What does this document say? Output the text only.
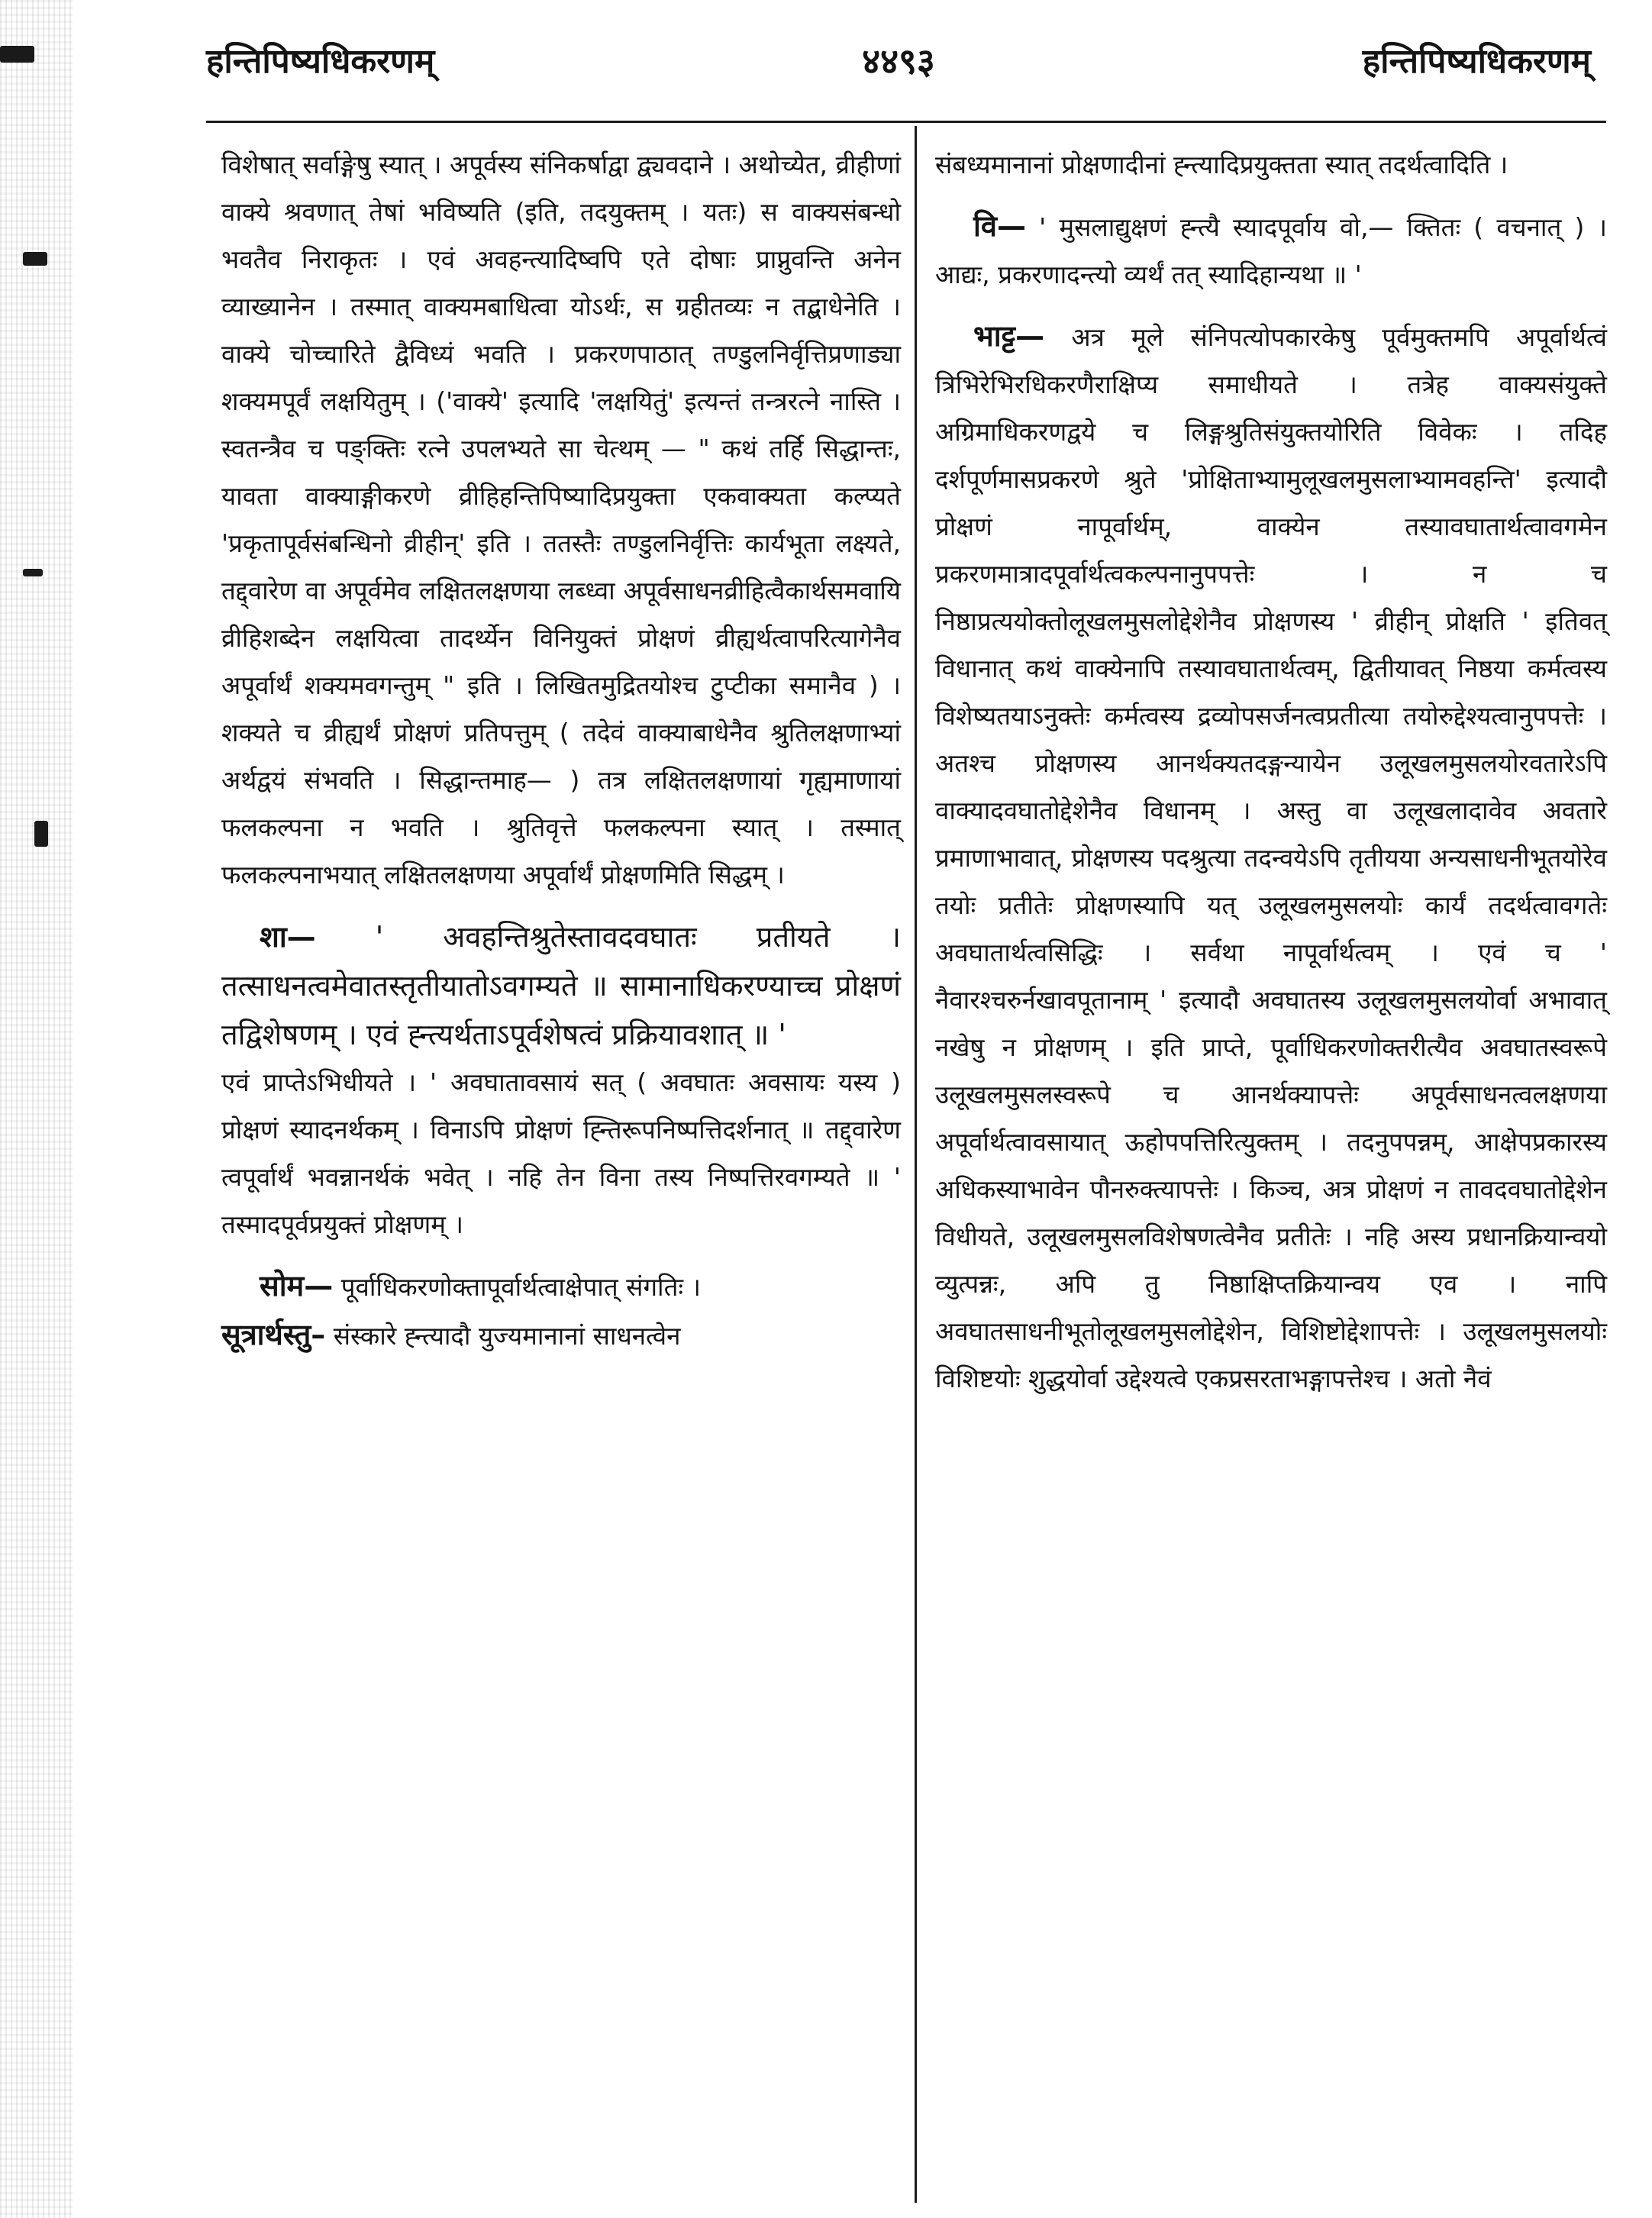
हन्तिपिष्यधिकरणम्	४४९३	हन्तिपिष्यधिकरणम्

विशेषात् सर्वाङ्गेषु स्यात् । अपूर्वस्य संनिकर्षाद्वा द्व्यवदाने । अथोच्येत, व्रीहीणां वाक्ये श्रवणात् तेषां भविष्यति (इति, तदयुक्तम् । यतः) स वाक्यसंबन्धो भवतैव निराकृतः । एवं अवहन्त्यादिष्वपि एते दोषाः प्राप्नुवन्ति अनेन व्याख्यानेन । तस्मात् वाक्यमबाधित्वा योऽर्थः, स ग्रहीतव्यः न तद्बाधेनेति । वाक्ये चोच्चारिते द्वैविध्यं भवति । प्रकरणपाठात् तण्डुलनिर्वृत्तिप्रणाड्या शक्यमपूर्वं लक्षयितुम् । ('वाक्ये' इत्यादि 'लक्षयितुं' इत्यन्तं तन्त्ररत्ने नास्ति । स्वतन्त्रैव च पङ्क्तिः रत्ने उपलभ्यते सा चेत्थम् — " कथं तर्हि सिद्धान्तः, यावता वाक्याङ्गीकरणे व्रीहिहन्तिपिष्यादिप्रयुक्ता एकवाक्यता कल्प्यते 'प्रकृतापूर्वसंबन्धिनो व्रीहीन्' इति । ततस्तैः तण्डुलनिर्वृत्तिः कार्यभूता लक्ष्यते, तद्द्वारेण वा अपूर्वमेव लक्षितलक्षणया लब्ध्वा अपूर्वसाधनव्रीहित्वैकार्थसमवायि व्रीहिशब्देन लक्षयित्वा तादर्थ्येन विनियुक्तं प्रोक्षणं व्रीह्यर्थत्वापरित्यागेनैव अपूर्वार्थं शक्यमवगन्तुम् " इति । लिखितमुद्रितयोश्च टुप्टीका समानैव ) । शक्यते च व्रीह्यर्थं प्रोक्षणं प्रतिपत्तुम् ( तदेवं वाक्याबाधेनैव श्रुतिलक्षणाभ्यां अर्थद्वयं संभवति । सिद्धान्तमाह— ) तत्र लक्षितलक्षणायां गृह्यमाणायां फलकल्पना न भवति । श्रुतिवृत्ते फलकल्पना स्यात् । तस्मात् फलकल्पनाभयात् लक्षितलक्षणया अपूर्वार्थं प्रोक्षणमिति सिद्धम् ।

शा— ' अवहन्तिश्रुतेस्तावदवघातः प्रतीयते । तत्साधनत्वमेवातस्तृतीयातोऽवगम्यते ॥ सामानाधिकरण्याच्च प्रोक्षणं तद्विशेषणम् । एवं ह्न्त्यर्थताऽपूर्वशेषत्वं प्रक्रियावशात् ॥ '

एवं प्राप्तेऽभिधीयते । ' अवघातावसायं सत् ( अवघातः अवसायः यस्य ) प्रोक्षणं स्यादनर्थकम् । विनाऽपि प्रोक्षणं ह्न्तिरूपनिष्पत्तिदर्शनात् ॥ तद्द्वारेण त्वपूर्वार्थं भवन्नानर्थकं भवेत् । नहि तेन विना तस्य निष्पत्तिरवगम्यते ॥ ' तस्मादपूर्वप्रयुक्तं प्रोक्षणम् ।

सोम— पूर्वाधिकरणोक्तापूर्वार्थत्वाक्षेपात् संगतिः ।

सूत्रार्थस्तु– संस्कारे ह्न्त्यादौ युज्यमानानां साधनत्वेन

संबध्यमानानां प्रोक्षणादीनां ह्न्त्यादिप्रयुक्तता स्यात् तदर्थत्वादिति ।

वि— ' मुसलाद्युक्षणं ह्न्त्यै स्यादपूर्वाय वो,— क्तितः ( वचनात् ) । आद्यः, प्रकरणादन्त्यो व्यर्थं तत् स्यादिहान्यथा ॥ '

भाट्ट— अत्र मूले संनिपत्योपकारकेषु पूर्वमुक्तमपि अपूर्वार्थत्वं त्रिभिरेभिरधिकरणैराक्षिप्य समाधीयते । तत्रेह वाक्यसंयुक्ते अग्रिमाधिकरणद्वये च लिङ्गश्रुतिसंयुक्तयोरिति विवेकः । तदिह दर्शपूर्णमासप्रकरणे श्रुते 'प्रोक्षिताभ्यामुलूखलमुसलाभ्यामवहन्ति' इत्यादौ प्रोक्षणं नापूर्वार्थम्, वाक्येन तस्यावघातार्थत्वावगमेन प्रकरणमात्रादपूर्वार्थत्वकल्पनानुपपत्तेः । न च निष्ठाप्रत्ययोक्तोलूखलमुसलोद्देशेनैव प्रोक्षणस्य ' व्रीहीन् प्रोक्षति ' इतिवत् विधानात् कथं वाक्येनापि तस्यावघातार्थत्वम्, द्वितीयावत् निष्ठया कर्मत्वस्य विशेष्यतयाऽनुक्तेः कर्मत्वस्य द्रव्योपसर्जनत्वप्रतीत्या तयोरुद्देश्यत्वानुपपत्तेः । अतश्च प्रोक्षणस्य आनर्थक्यतदङ्गन्यायेन उलूखलमुसलयोरवतारेऽपि वाक्यादवघातोद्देशेनैव विधानम् । अस्तु वा उलूखलादावेव अवतारे प्रमाणाभावात्, प्रोक्षणस्य पदश्रुत्या तदन्वयेऽपि तृतीयया अन्यसाधनीभूतयोरेव तयोः प्रतीतेः प्रोक्षणस्यापि यत् उलूखलमुसलयोः कार्यं तदर्थत्वावगतेः अवघातार्थत्वसिद्धिः । सर्वथा नापूर्वार्थत्वम् । एवं च ' नैवारश्चरुर्नखावपूतानाम् ' इत्यादौ अवघातस्य उलूखलमुसलयोर्वा अभावात् नखेषु न प्रोक्षणम् । इति प्राप्ते, पूर्वाधिकरणोक्तरीत्यैव अवघातस्वरूपे उलूखलमुसलस्वरूपे च आनर्थक्यापत्तेः अपूर्वसाधनत्वलक्षणया अपूर्वार्थत्वावसायात् ऊहोपपत्तिरित्युक्तम् । तदनुपपन्नम्, आक्षेपप्रकारस्य अधिकस्याभावेन पौनरुक्त्यापत्तेः । किञ्च, अत्र प्रोक्षणं न तावदवघातोद्देशेन विधीयते, उलूखलमुसलविशेषणत्वेनैव प्रतीतेः । नहि अस्य प्रधानक्रियान्वयो व्युत्पन्नः, अपि तु निष्ठाक्षिप्तक्रियान्वय एव । नापि अवघातसाधनीभूतोलूखलमुसलोद्देशेन, विशिष्टोद्देशापत्तेः । उलूखलमुसलयोः विशिष्टयोः शुद्धयोर्वा उद्देश्यत्वे एकप्रसरताभङ्गापत्तेश्च । अतो नैवं
